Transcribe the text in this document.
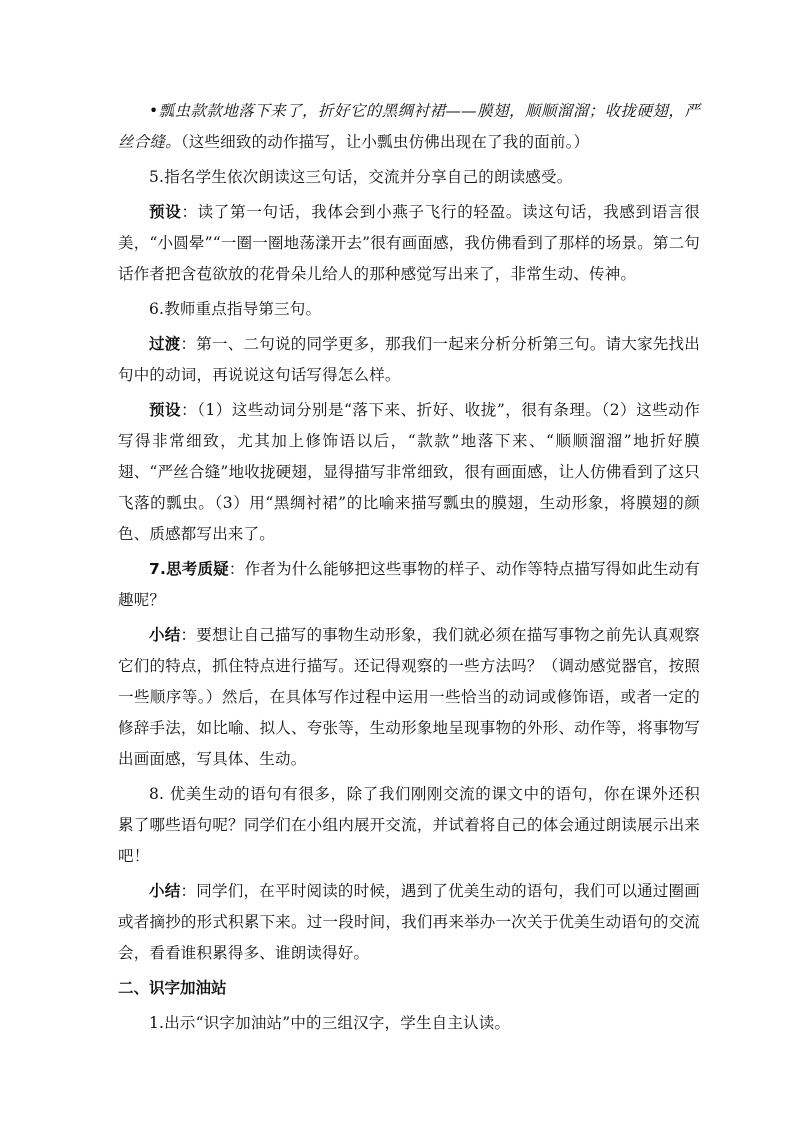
•瓢虫款款地落下来了，折好它的黑绸衬裙——膜翅，顺顺溜溜；收拢硬翅，严丝合缝。（这些细致的动作描写，让小瓢虫仿佛出现在了我的面前。）

5.指名学生依次朗读这三句话，交流并分享自己的朗读感受。

预设：读了第一句话，我体会到小燕子飞行的轻盈。读这句话，我感到语言很美，“小圆晕”“一圈一圈地荡漾开去”很有画面感，我仿佛看到了那样的场景。第二句话作者把含苞欲放的花骨朵儿给人的那种感觉写出来了，非常生动、传神。

6.教师重点指导第三句。

过渡：第一、二句说的同学更多，那我们一起来分析分析第三句。请大家先找出句中的动词，再说说这句话写得怎么样。

预设：（1）这些动词分别是“落下来、折好、收拢”，很有条理。（2）这些动作写得非常细致，尤其加上修饰语以后，“款款”地落下来、“顺顺溜溜”地折好膜翅、“严丝合缝”地收拢硬翅，显得描写非常细致，很有画面感，让人仿佛看到了这只飞落的瓢虫。（3）用“黑绸衬裙”的比喻来描写瓢虫的膜翅，生动形象，将膜翅的颜色、质感都写出来了。

7.思考质疑：作者为什么能够把这些事物的样子、动作等特点描写得如此生动有趣呢？

小结：要想让自己描写的事物生动形象，我们就必须在描写事物之前先认真观察它们的特点，抓住特点进行描写。还记得观察的一些方法吗？（调动感觉器官，按照一些顺序等。）然后，在具体写作过程中运用一些恰当的动词或修饰语，或者一定的修辞手法，如比喻、拟人、夸张等，生动形象地呈现事物的外形、动作等，将事物写出画面感，写具体、生动。

8. 优美生动的语句有很多，除了我们刚刚交流的课文中的语句，你在课外还积累了哪些语句呢？同学们在小组内展开交流，并试着将自己的体会通过朗读展示出来吧！

小结：同学们，在平时阅读的时候，遇到了优美生动的语句，我们可以通过圈画或者摘抄的形式积累下来。过一段时间，我们再来举办一次关于优美生动语句的交流会，看看谁积累得多、谁朗读得好。

二、识字加油站

1.出示“识字加油站”中的三组汉字，学生自主认读。
